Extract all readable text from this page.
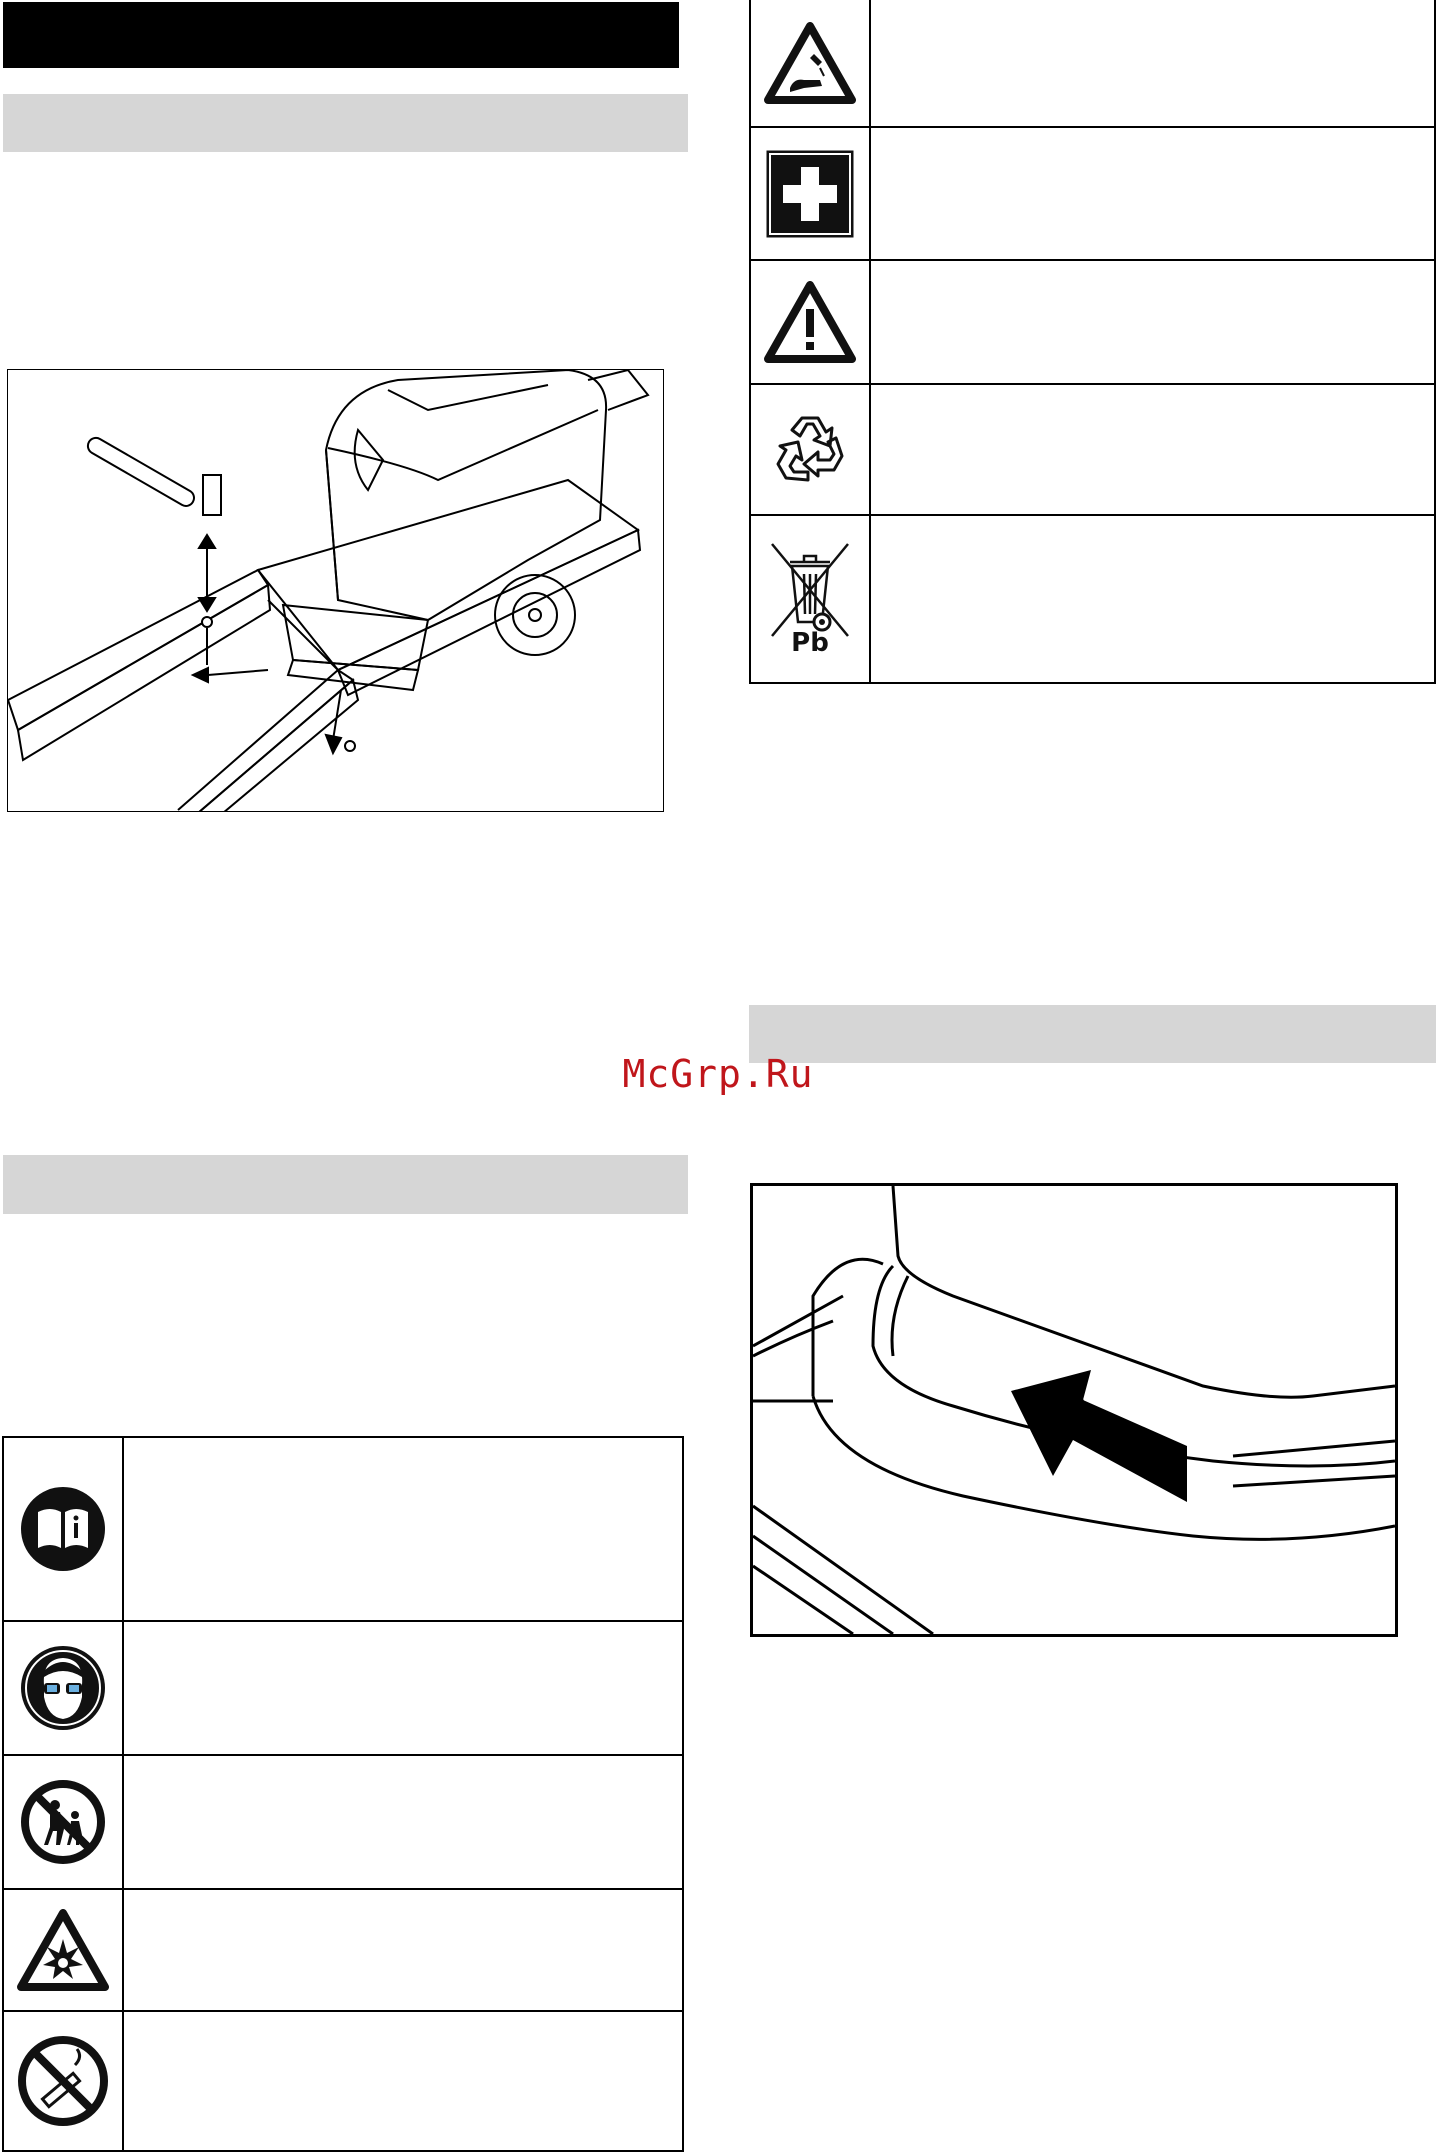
Pb
McGrp.Ru
